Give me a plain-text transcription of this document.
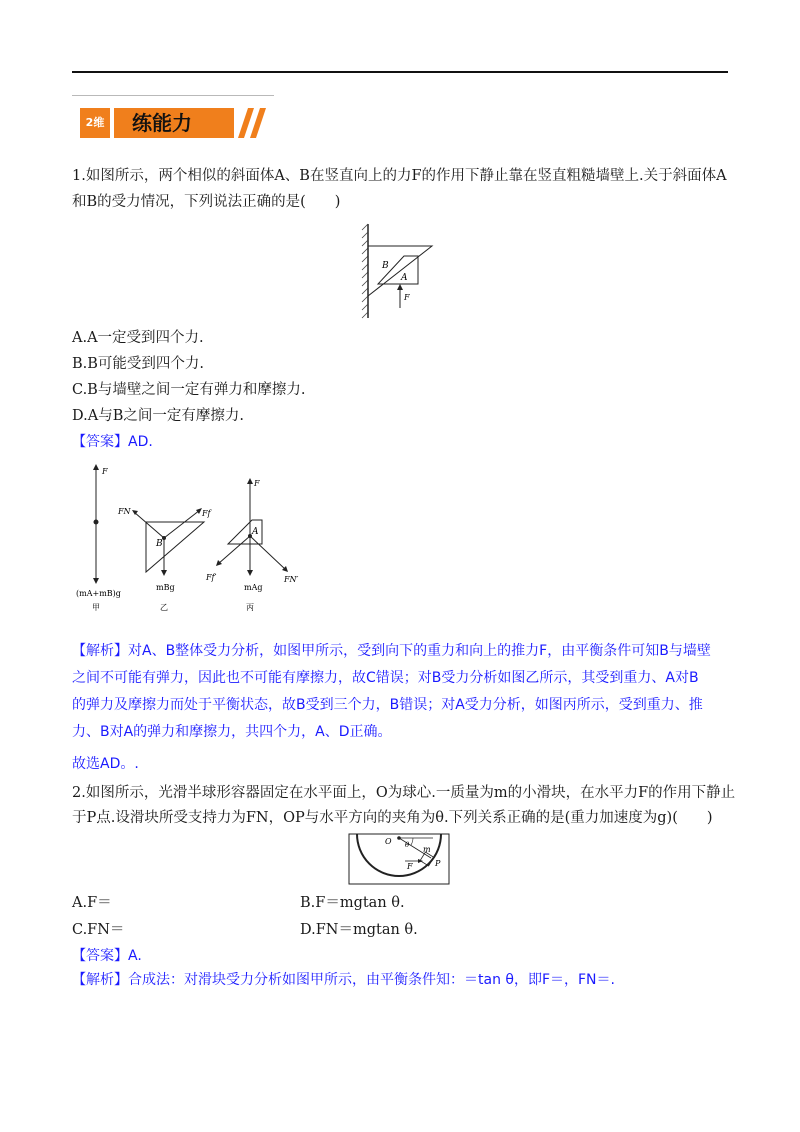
2维	练能力
1.如图所示，两个相似的斜面体A、B在竖直向上的力F的作用下静止靠在竖直粗糙墙壁上.关于斜面体A
和B的受力情况，下列说法正确的是(　　)
B
A
F
A.A一定受到四个力.
B.B可能受到四个力.
C.B与墙壁之间一定有弹力和摩擦力.
D.A与B之间一定有摩擦力.
【答案】AD.
F
(mA+mB)g
甲
FN	Ff
B
mBg
乙
F
A
Ff′	FN′
mAg
丙
【解析】对A、B整体受力分析，如图甲所示，受到向下的重力和向上的推力F，由平衡条件可知B与墙壁
之间不可能有弹力，因此也不可能有摩擦力，故C错误；对B受力分析如图乙所示，其受到重力、A对B
的弹力及摩擦力而处于平衡状态，故B受到三个力，B错误；对A受力分析，如图丙所示，受到重力、推
力、B对A的弹力和摩擦力，共四个力，A、D正确。
故选AD。.
2.如图所示，光滑半球形容器固定在水平面上，O为球心.一质量为m的小滑块，在水平力F的作用下静止
于P点.设滑块所受支持力为FN，OP与水平方向的夹角为θ.下列关系正确的是(重力加速度为g)(　　)
O θ m
F	P
A.F＝	B.F＝mgtan θ.
C.FN＝	D.FN＝mgtan θ.
【答案】A.
【解析】合成法：对滑块受力分析如图甲所示，由平衡条件知：＝tan θ，即F＝，FN＝.
